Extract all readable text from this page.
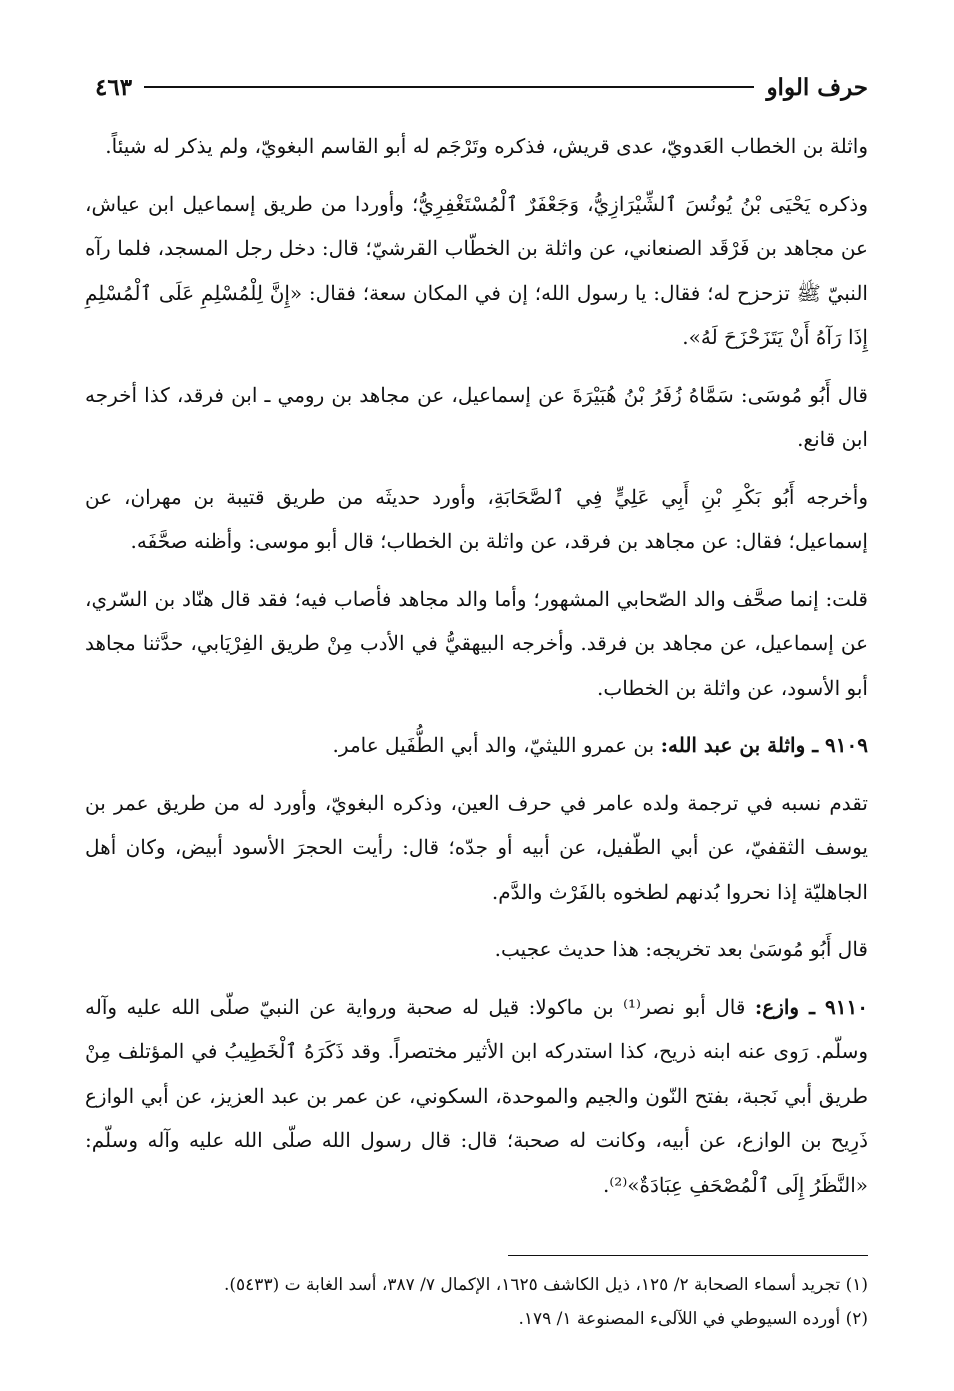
حرف الواو
٤٦٣

واثلة بن الخطاب العَدويّ، عدى قريش، فذكره وتَرْجَم له أبو القاسم البغويّ، ولم يذكر له شيئاً.

وذكره يَحْيَى بْنُ يُونُسَ ٱلشِّيْرَازِيُّ، وَجَعْفَرٌ ٱلْمُسْتَغْفِرِيُّ؛ وأوردا من طريق إسماعيل ابن عياش، عن مجاهد بن فَرْقَد الصنعاني، عن واثلة بن الخطّاب القرشيّ؛ قال: دخل رجل المسجد، فلما رآه النبيّ ﷺ تزحزح له؛ فقال: يا رسول الله؛ إن في المكان سعة؛ فقال: «إِنَّ لِلْمُسْلِمِ عَلَى ٱلْمُسْلِمِ إِذَا رَآهُ أَنْ يَتَزَحْزَحَ لَهُ».

قال أَبُو مُوسَى: سَمَّاهُ زُفَرُ بْنُ هُبَيْرَةَ عن إسماعيل، عن مجاهد بن رومي ـ ابن فرقد، كذا أخرجه ابن قانع.

وأخرجه أَبُو بَكْرِ بْنِ أَبِي عَلِيٍّ فِي ٱلصَّحَابَةِ، وأورد حديثَه من طريق قتيبة بن مهران، عن إسماعيل؛ فقال: عن مجاهد بن فرقد، عن واثلة بن الخطاب؛ قال أبو موسى: وأظنه صحَّفَه.

قلت: إنما صحَّف والد الصّحابي المشهور؛ وأما والد مجاهد فأصاب فيه؛ فقد قال هنّاد بن السّري، عن إسماعيل، عن مجاهد بن فرقد. وأخرجه البيهقيُّ في الأدب مِنْ طريق الفِرْيَابي، حدَّثنا مجاهد أبو الأسود، عن واثلة بن الخطاب.

٩١٠٩ ـ واثلة بن عبد الله: بن عمرو الليثيّ، والد أبي الطُّفَيل عامر.

تقدم نسبه في ترجمة ولده عامر في حرف العين، وذكره البغويّ، وأورد له من طريق عمر بن يوسف الثقفيّ، عن أبي الطّفيل، عن أبيه أو جدّه؛ قال: رأيت الحجرَ الأسود أبيض، وكان أهل الجاهليّة إذا نحروا بُدنهم لطخوه بالفَرْث والدَّم.

قال أَبُو مُوسَىٰ بعد تخريجه: هذا حديث عجيب.

٩١١٠ ـ وازع: قال أبو نصر⁽¹⁾ بن ماكولا: قيل له صحبة ورواية عن النبيّ صلّى الله عليه وآله وسلّم. رَوى عنه ابنه ذريح، كذا استدركه ابن الأثير مختصراً. وقد ذَكَرَهُ ٱلْخَطِيبُ في المؤتلف مِنْ طريق أبي نَجبة، بفتح النّون والجيم والموحدة، السكوني، عن عمر بن عبد العزيز، عن أبي الوازع ذَرِيح بن الوازع، عن أبيه، وكانت له صحبة؛ قال: قال رسول الله صلّى الله عليه وآله وسلّم: «النَّظَرُ إِلَى ٱلْمُصْحَفِ عِبَادَةٌ»⁽²⁾.

(١) تجريد أسماء الصحابة ٢/ ١٢٥، ذيل الكاشف ١٦٢٥، الإكمال ٧/ ٣٨٧، أسد الغابة ت (٥٤٣٣).
(٢) أورده السيوطي في اللآلىء المصنوعة ١/ ١٧٩.
